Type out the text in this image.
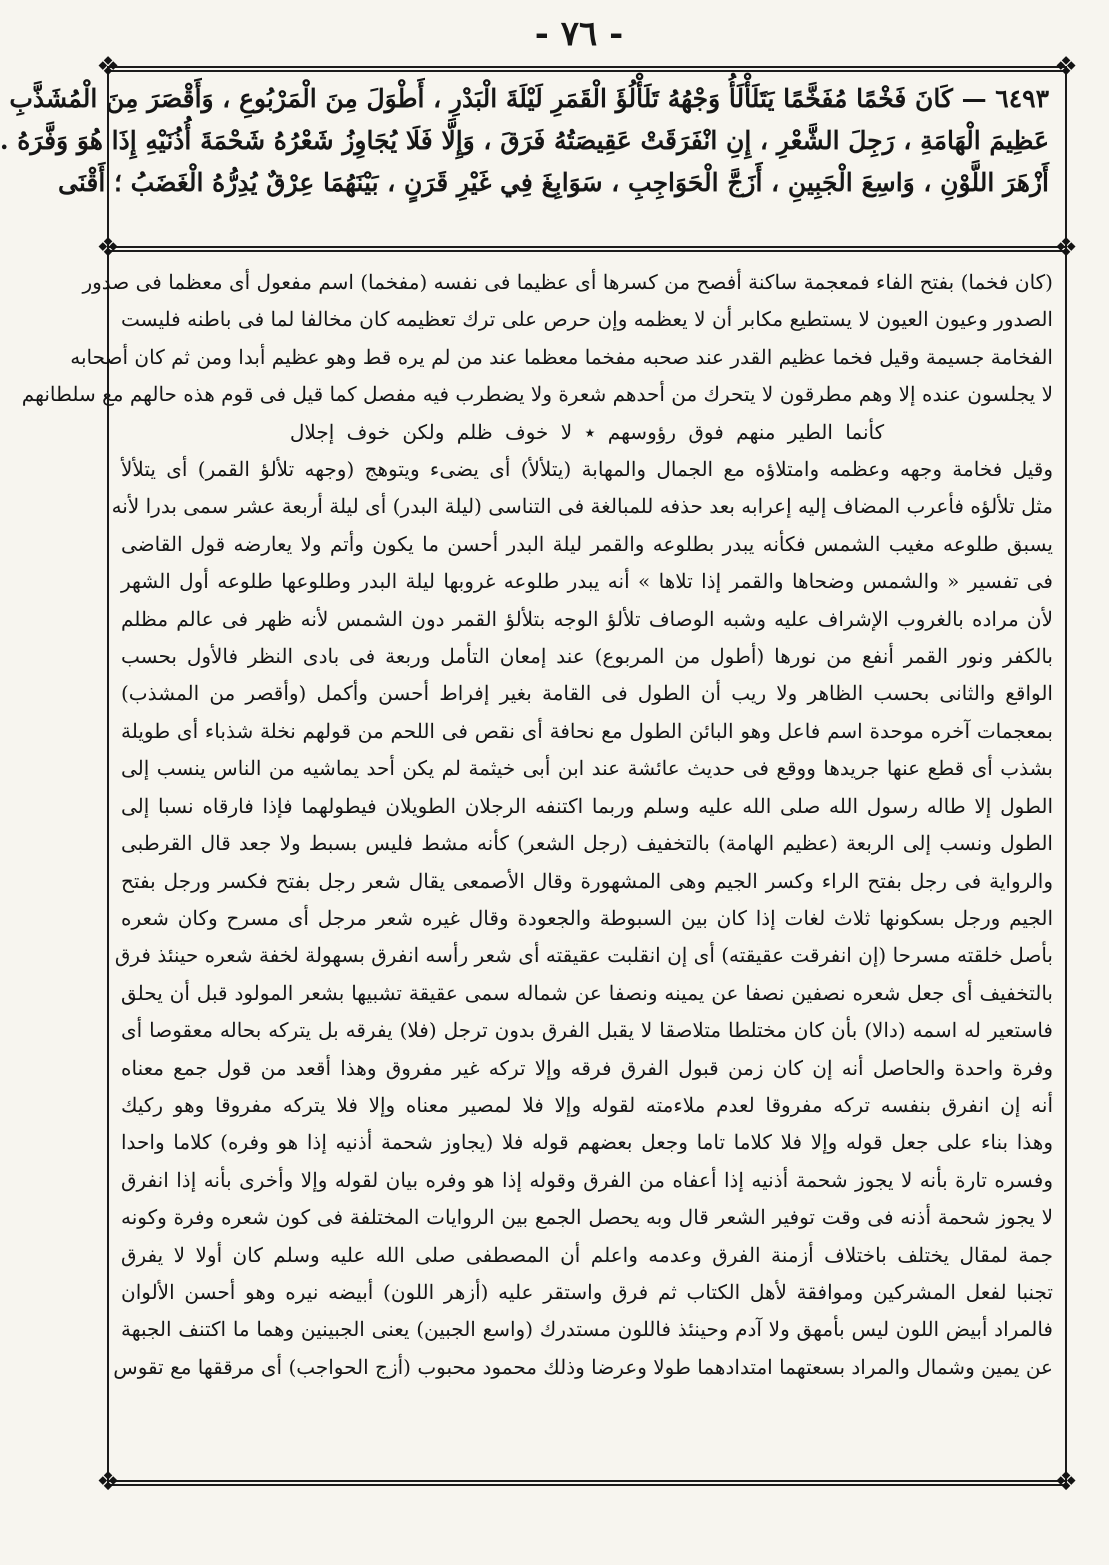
- ٧٦ -
❖	❖
❖	❖
❖	❖
٦٤٩٣ — كَانَ فَخْمًا مُفَخَّمًا يَتَلَأْلَأُ وَجْهُهُ تَلَأْلُؤَ الْقَمَرِ لَيْلَةَ الْبَدْرِ ، أَطْوَلَ مِنَ الْمَرْبُوعِ ، وَأَقْصَرَ مِنَ الْمُشَذَّبِ
عَظِيمَ الْهَامَةِ ، رَجِلَ الشَّعْرِ ، إِنِ انْفَرَقَتْ عَقِيصَتُهُ فَرَقَ ، وَإِلَّا فَلَا يُجَاوِزُ شَعْرُهُ شَحْمَةَ أُذُنَيْهِ إِذَا هُوَ وَفَّرَهُ .
أَزْهَرَ اللَّوْنِ ، وَاسِعَ الْجَبِينِ ، أَزَجَّ الْحَوَاجِبِ ، سَوَابِغَ فِي غَيْرِ قَرَنٍ ، بَيْنَهُمَا عِرْقٌ يُدِرُّهُ الْغَضَبُ ؛ أَقْنَى
(كان فخما) بفتح الفاء فمعجمة ساكنة أفصح من كسرها أى عظيما فى نفسه (مفخما) اسم مفعول أى معظما فى صدور
الصدور وعيون العيون لا يستطيع مكابر أن لا يعظمه وإن حرص على ترك تعظيمه كان مخالفا لما فى باطنه فليست
الفخامة جسيمة وقيل فخما عظيم القدر عند صحبه مفخما معظما عند من لم يره قط وهو عظيم أبدا ومن ثم كان أصحابه
لا يجلسون عنده إلا وهم مطرقون لا يتحرك من أحدهم شعرة ولا يضطرب فيه مفصل كما قيل فى قوم هذه حالهم مع سلطانهم
كأنما الطير منهم فوق رؤوسهم ٭ لا خوف ظلم ولكن خوف إجلال
وقيل فخامة وجهه وعظمه وامتلاؤه مع الجمال والمهابة (يتلألأ) أى يضىء ويتوهج (وجهه تلألؤ القمر) أى يتلألأ
مثل تلألؤه فأعرب المضاف إليه إعرابه بعد حذفه للمبالغة فى التناسى (ليلة البدر) أى ليلة أربعة عشر سمى بدرا لأنه
يسبق طلوعه مغيب الشمس فكأنه يبدر بطلوعه والقمر ليلة البدر أحسن ما يكون وأتم ولا يعارضه قول القاضى
فى تفسير « والشمس وضحاها والقمر إذا تلاها » أنه يبدر طلوعه غروبها ليلة البدر وطلوعها طلوعه أول الشهر
لأن مراده بالغروب الإشراف عليه وشبه الوصاف تلألؤ الوجه بتلألؤ القمر دون الشمس لأنه ظهر فى عالم مظلم
بالكفر ونور القمر أنفع من نورها (أطول من المربوع) عند إمعان التأمل وربعة فى بادى النظر فالأول بحسب
الواقع والثانى بحسب الظاهر ولا ريب أن الطول فى القامة بغير إفراط أحسن وأكمل (وأقصر من المشذب)
بمعجمات آخره موحدة اسم فاعل وهو البائن الطول مع نحافة أى نقص فى اللحم من قولهم نخلة شذباء أى طويلة
بشذب أى قطع عنها جريدها ووقع فى حديث عائشة عند ابن أبى خيثمة لم يكن أحد يماشيه من الناس ينسب إلى
الطول إلا طاله رسول الله صلى الله عليه وسلم وربما اكتنفه الرجلان الطويلان فيطولهما فإذا فارقاه نسبا إلى
الطول ونسب إلى الربعة (عظيم الهامة) بالتخفيف (رجل الشعر) كأنه مشط فليس بسبط ولا جعد قال القرطبى
والرواية فى رجل بفتح الراء وكسر الجيم وهى المشهورة وقال الأصمعى يقال شعر رجل بفتح فكسر ورجل بفتح
الجيم ورجل بسكونها ثلاث لغات إذا كان بين السبوطة والجعودة وقال غيره شعر مرجل أى مسرح وكان شعره
بأصل خلقته مسرحا (إن انفرقت عقيقته) أى إن انقلبت عقيقته أى شعر رأسه انفرق بسهولة لخفة شعره حينئذ فرق
بالتخفيف أى جعل شعره نصفين نصفا عن يمينه ونصفا عن شماله سمى عقيقة تشبيها بشعر المولود قبل أن يحلق
فاستعير له اسمه (دالا) بأن كان مختلطا متلاصقا لا يقبل الفرق بدون ترجل (فلا) يفرقه بل يتركه بحاله معقوصا أى
وفرة واحدة والحاصل أنه إن كان زمن قبول الفرق فرقه وإلا تركه غير مفروق وهذا أقعد من قول جمع معناه
أنه إن انفرق بنفسه تركه مفروقا لعدم ملاءمته لقوله وإلا فلا لمصير معناه وإلا فلا يتركه مفروقا وهو ركيك
وهذا بناء على جعل قوله وإلا فلا كلاما تاما وجعل بعضهم قوله فلا (يجاوز شحمة أذنيه إذا هو وفره) كلاما واحدا
وفسره تارة بأنه لا يجوز شحمة أذنيه إذا أعفاه من الفرق وقوله إذا هو وفره بيان لقوله وإلا وأخرى بأنه إذا انفرق
لا يجوز شحمة أذنه فى وقت توفير الشعر قال وبه يحصل الجمع بين الروايات المختلفة فى كون شعره وفرة وكونه
جمة لمقال يختلف باختلاف أزمنة الفرق وعدمه واعلم أن المصطفى صلى الله عليه وسلم كان أولا لا يفرق
تجنبا لفعل المشركين وموافقة لأهل الكتاب ثم فرق واستقر عليه (أزهر اللون) أبيضه نيره وهو أحسن الألوان
فالمراد أبيض اللون ليس بأمهق ولا آدم وحينئذ فاللون مستدرك (واسع الجبين) يعنى الجبينين وهما ما اكتنف الجبهة
عن يمين وشمال والمراد بسعتهما امتدادهما طولا وعرضا وذلك محمود محبوب (أزج الحواجب) أى مرققها مع تقوس
